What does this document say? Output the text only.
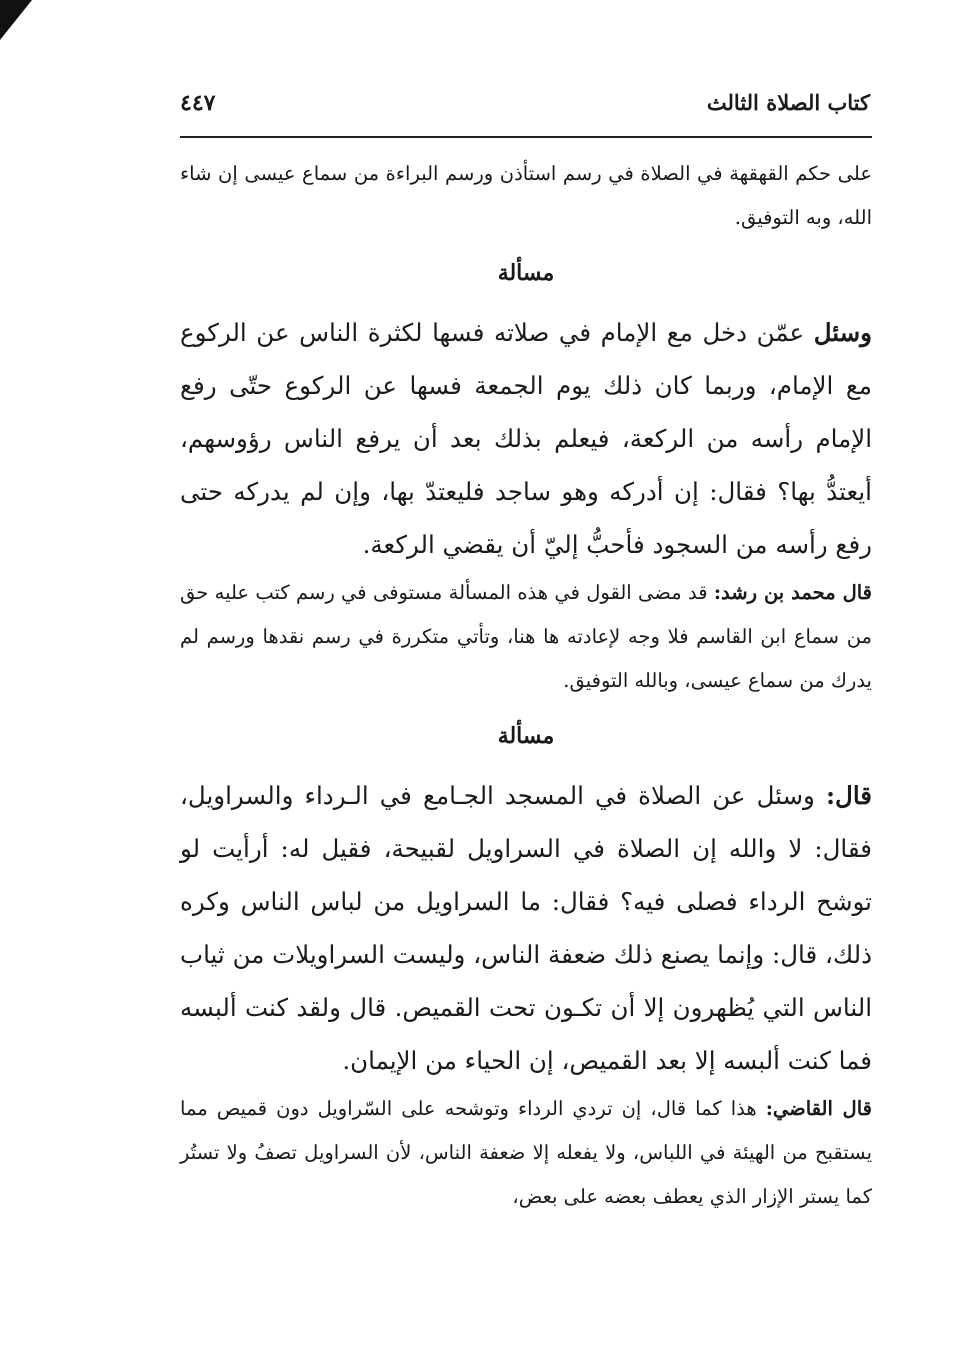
كتاب الصلاة الثالث
٤٤٧

على حكم القهقهة في الصلاة في رسم استأذن ورسم البراءة من سماع عيسى إن شاء الله، وبه التوفيق.

مسألة

وسئل عمّن دخل مع الإمام في صلاته فسها لكثرة الناس عن الركوع مع الإمام، وربما كان ذلك يوم الجمعة فسها عن الركوع حتّى رفع الإمام رأسه من الركعة، فيعلم بذلك بعد أن يرفع الناس رؤوسهم، أيعتدُّ بها؟ فقال: إن أدركه وهو ساجد فليعتدّ بها، وإن لم يدركه حتى رفع رأسه من السجود فأحبُّ إليّ أن يقضي الركعة.

قال محمد بن رشد: قد مضى القول في هذه المسألة مستوفى في رسم كتب عليه حق من سماع ابن القاسم فلا وجه لإعادته ها هنا، وتأتي متكررة في رسم نقدها ورسم لم يدرك من سماع عيسى، وبالله التوفيق.

مسألة

قال: وسئل عن الصلاة في المسجد الجـامع في الـرداء والسراويل، فقال: لا والله إن الصلاة في السراويل لقبيحة، فقيل له: أرأيت لو توشح الرداء فصلى فيه؟ فقال: ما السراويل من لباس الناس وكره ذلك، قال: وإنما يصنع ذلك ضعفة الناس، وليست السراويلات من ثياب الناس التي يُظهرون إلا أن تكـون تحت القميص. قال ولقد كنت ألبسه فما كنت ألبسه إلا بعد القميص، إن الحياء من الإيمان.

قال القاضي: هذا كما قال، إن تردي الرداء وتوشحه على السّراويل دون قميص مما يستقبح من الهيئة في اللباس، ولا يفعله إلا ضعفة الناس، لأن السراويل تصفُ ولا تستُر كما يستر الإزار الذي يعطف بعضه على بعض،
